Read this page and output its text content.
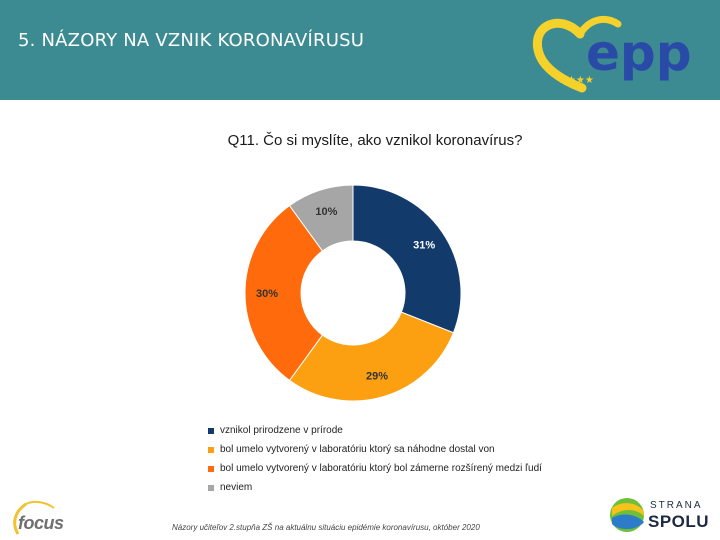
5. NÁZORY NA VZNIK KORONAVÍRUSU
★★★★
epp
Q11. Čo si myslíte, ako vznikol koronavírus?
31%
29%
30%
10%
vznikol prirodzene v prírode
bol umelo vytvorený v laboratóriu ktorý sa náhodne dostal von
bol umelo vytvorený v laboratóriu ktorý bol zámerne rozšírený medzi ľudí
neviem
Názory učiteľov 2.stupňa ZŠ na aktuálnu situáciu epidémie koronavírusu, október 2020
focus
STRANA
SPOLU
